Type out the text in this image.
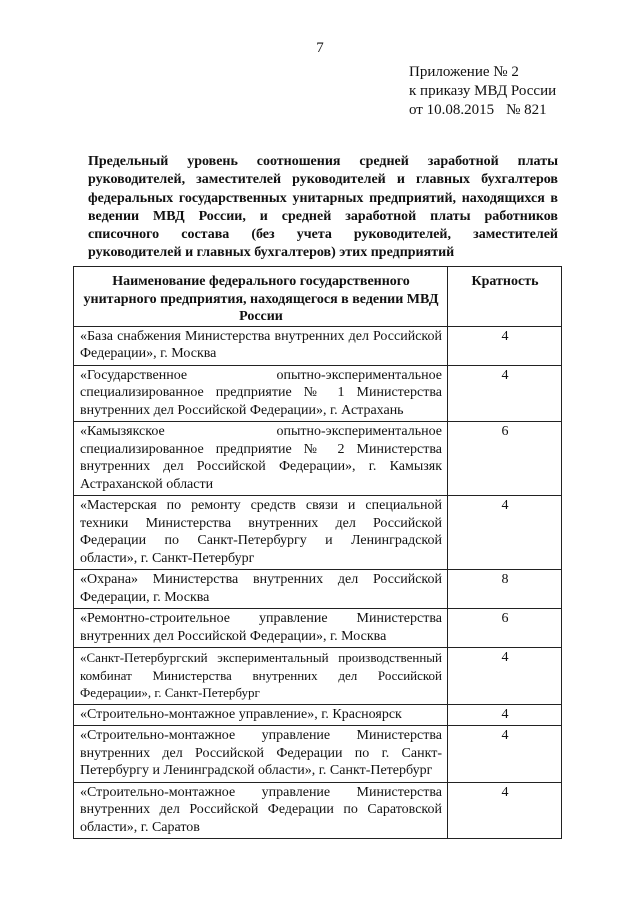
7
Приложение № 2
к приказу МВД России
от 10.08.2015 № 821
Предельный уровень соотношения средней заработной платы руководителей, заместителей руководителей и главных бухгалтеров федеральных государственных унитарных предприятий, находящихся в ведении МВД России, и средней заработной платы работников списочного состава (без учета руководителей, заместителей руководителей и главных бухгалтеров) этих предприятий
Наименование федерального государственного унитарного предприятия, находящегося в ведении МВД России	Кратность
«База снабжения Министерства внутренних дел Российской Федерации», г. Москва	4
«Государственное опытно-экспериментальное специализированное предприятие № 1 Министерства внутренних дел Российской Федерации», г. Астрахань	4
«Камызякское опытно-экспериментальное специализированное предприятие № 2 Министерства внутренних дел Российской Федерации», г. Камызяк Астраханской области	6
«Мастерская по ремонту средств связи и специальной техники Министерства внутренних дел Российской Федерации по Санкт-Петербургу и Ленинградской области», г. Санкт-Петербург	4
«Охрана» Министерства внутренних дел Российской Федерации, г. Москва	8
«Ремонтно-строительное управление Министерства внутренних дел Российской Федерации», г. Москва	6
«Санкт-Петербургский экспериментальный производственный комбинат Министерства внутренних дел Российской Федерации», г. Санкт-Петербург	4
«Строительно-монтажное управление», г. Красноярск	4
«Строительно-монтажное управление Министерства внутренних дел Российской Федерации по г. Санкт-Петербургу и Ленинградской области», г. Санкт-Петербург	4
«Строительно-монтажное управление Министерства внутренних дел Российской Федерации по Саратовской области», г. Саратов	4
